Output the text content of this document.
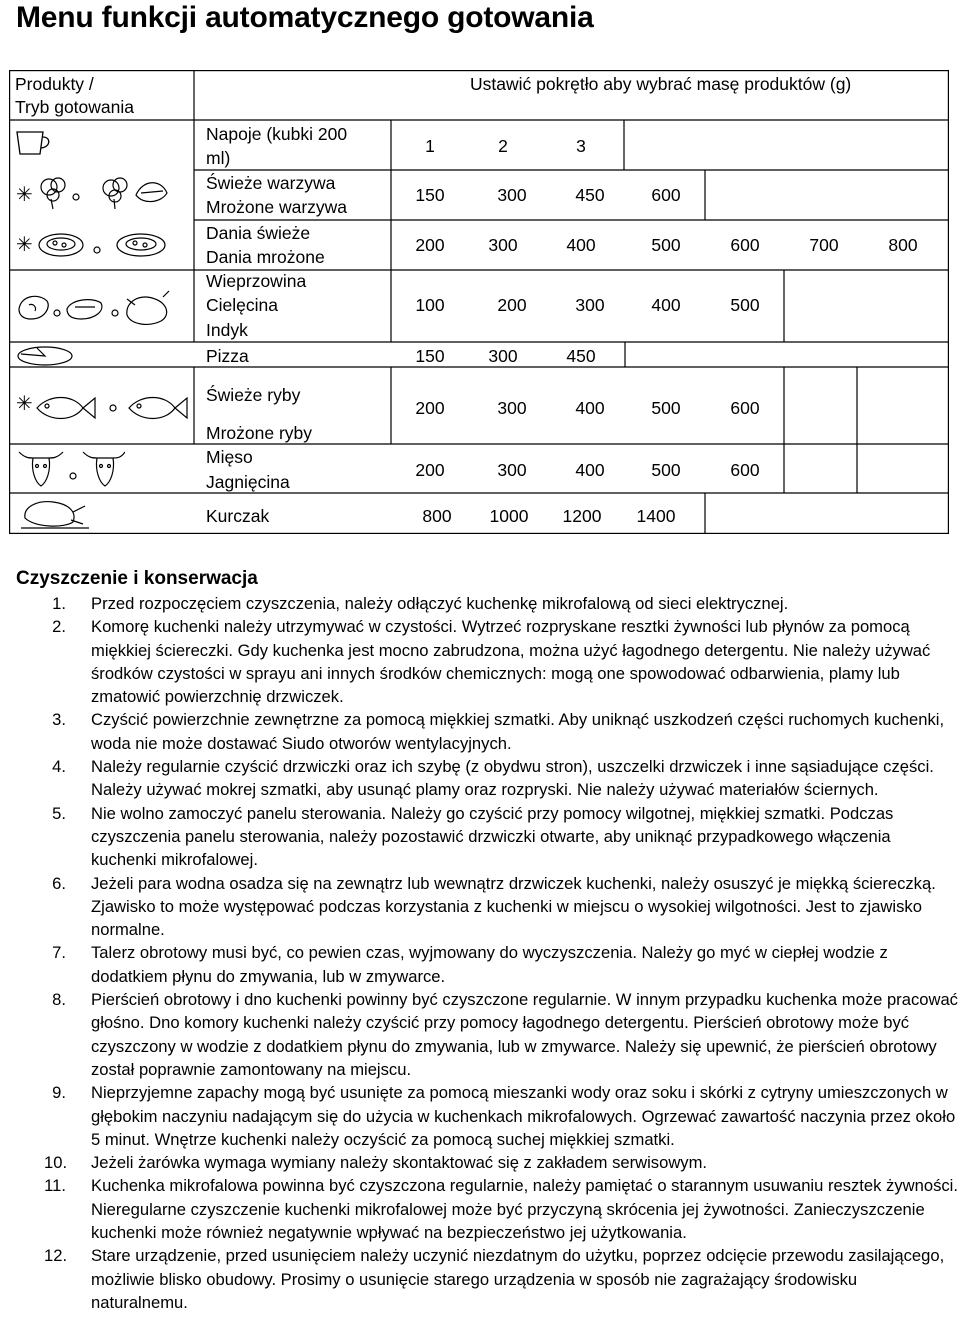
Menu funkcji automatycznego gotowania
Produkty /
Tryb gotowania
Ustawić pokrętło aby wybrać masę produktów (g)
Napoje (kubki 200
ml)
1	2	3
✳
Świeże warzywa
Mrożone warzywa
150	300	450	600
✳
Dania świeże
Dania mrożone
200	300	400	500	600	700	800
Wieprzowina
Cielęcina
Indyk
100	200	300	400	500
Pizza	150	300	450
✳	Świeże ryby
Mrożone ryby
200	300	400	500	600
Mięso
Jagnięcina
200	300	400	500	600
Kurczak	800 1000 1200 1400
Czyszczenie i konserwacja
1. Przed rozpoczęciem czyszczenia, należy odłączyć kuchenkę mikrofalową od sieci elektrycznej.
2. Komorę kuchenki należy utrzymywać w czystości. Wytrzeć rozpryskane resztki żywności lub płynów za pomocą miękkiej ściereczki. Gdy kuchenka jest mocno zabrudzona, można użyć łagodnego detergentu. Nie należy używać środków czystości w sprayu ani innych środków chemicznych: mogą one spowodować odbarwienia, plamy lub zmatowić powierzchnię drzwiczek.
3. Czyścić powierzchnie zewnętrzne za pomocą miękkiej szmatki. Aby uniknąć uszkodzeń części ruchomych kuchenki, woda nie może dostawać Siudo otworów wentylacyjnych.
4. Należy regularnie czyścić drzwiczki oraz ich szybę (z obydwu stron), uszczelki drzwiczek i inne sąsiadujące części. Należy używać mokrej szmatki, aby usunąć plamy oraz rozpryski. Nie należy używać materiałów ściernych.
5. Nie wolno zamoczyć panelu sterowania. Należy go czyścić przy pomocy wilgotnej, miękkiej szmatki. Podczas czyszczenia panelu sterowania, należy pozostawić drzwiczki otwarte, aby uniknąć przypadkowego włączenia kuchenki mikrofalowej.
6. Jeżeli para wodna osadza się na zewnątrz lub wewnątrz drzwiczek kuchenki, należy osuszyć je miękką ściereczką. Zjawisko to może występować podczas korzystania z kuchenki w miejscu o wysokiej wilgotności. Jest to zjawisko normalne.
7. Talerz obrotowy musi być, co pewien czas, wyjmowany do wyczyszczenia. Należy go myć w ciepłej wodzie z dodatkiem płynu do zmywania, lub w zmywarce.
8. Pierścień obrotowy i dno kuchenki powinny być czyszczone regularnie. W innym przypadku kuchenka może pracować głośno. Dno komory kuchenki należy czyścić przy pomocy łagodnego detergentu. Pierścień obrotowy może być czyszczony w wodzie z dodatkiem płynu do zmywania, lub w zmywarce. Należy się upewnić, że pierścień obrotowy został poprawnie zamontowany na miejscu.
9. Nieprzyjemne zapachy mogą być usunięte za pomocą mieszanki wody oraz soku i skórki z cytryny umieszczonych w głębokim naczyniu nadającym się do użycia w kuchenkach mikrofalowych. Ogrzewać zawartość naczynia przez około 5 minut. Wnętrze kuchenki należy oczyścić za pomocą suchej miękkiej szmatki.
10. Jeżeli żarówka wymaga wymiany należy skontaktować się z zakładem serwisowym.
11. Kuchenka mikrofalowa powinna być czyszczona regularnie, należy pamiętać o starannym usuwaniu resztek żywności. Nieregularne czyszczenie kuchenki mikrofalowej może być przyczyną skrócenia jej żywotności. Zanieczyszczenie kuchenki może również negatywnie wpływać na bezpieczeństwo jej użytkowania.
12. Stare urządzenie, przed usunięciem należy uczynić niezdatnym do użytku, poprzez odcięcie przewodu zasilającego, możliwie blisko obudowy. Prosimy o usunięcie starego urządzenia w sposób nie zagrażający środowisku naturalnemu.
